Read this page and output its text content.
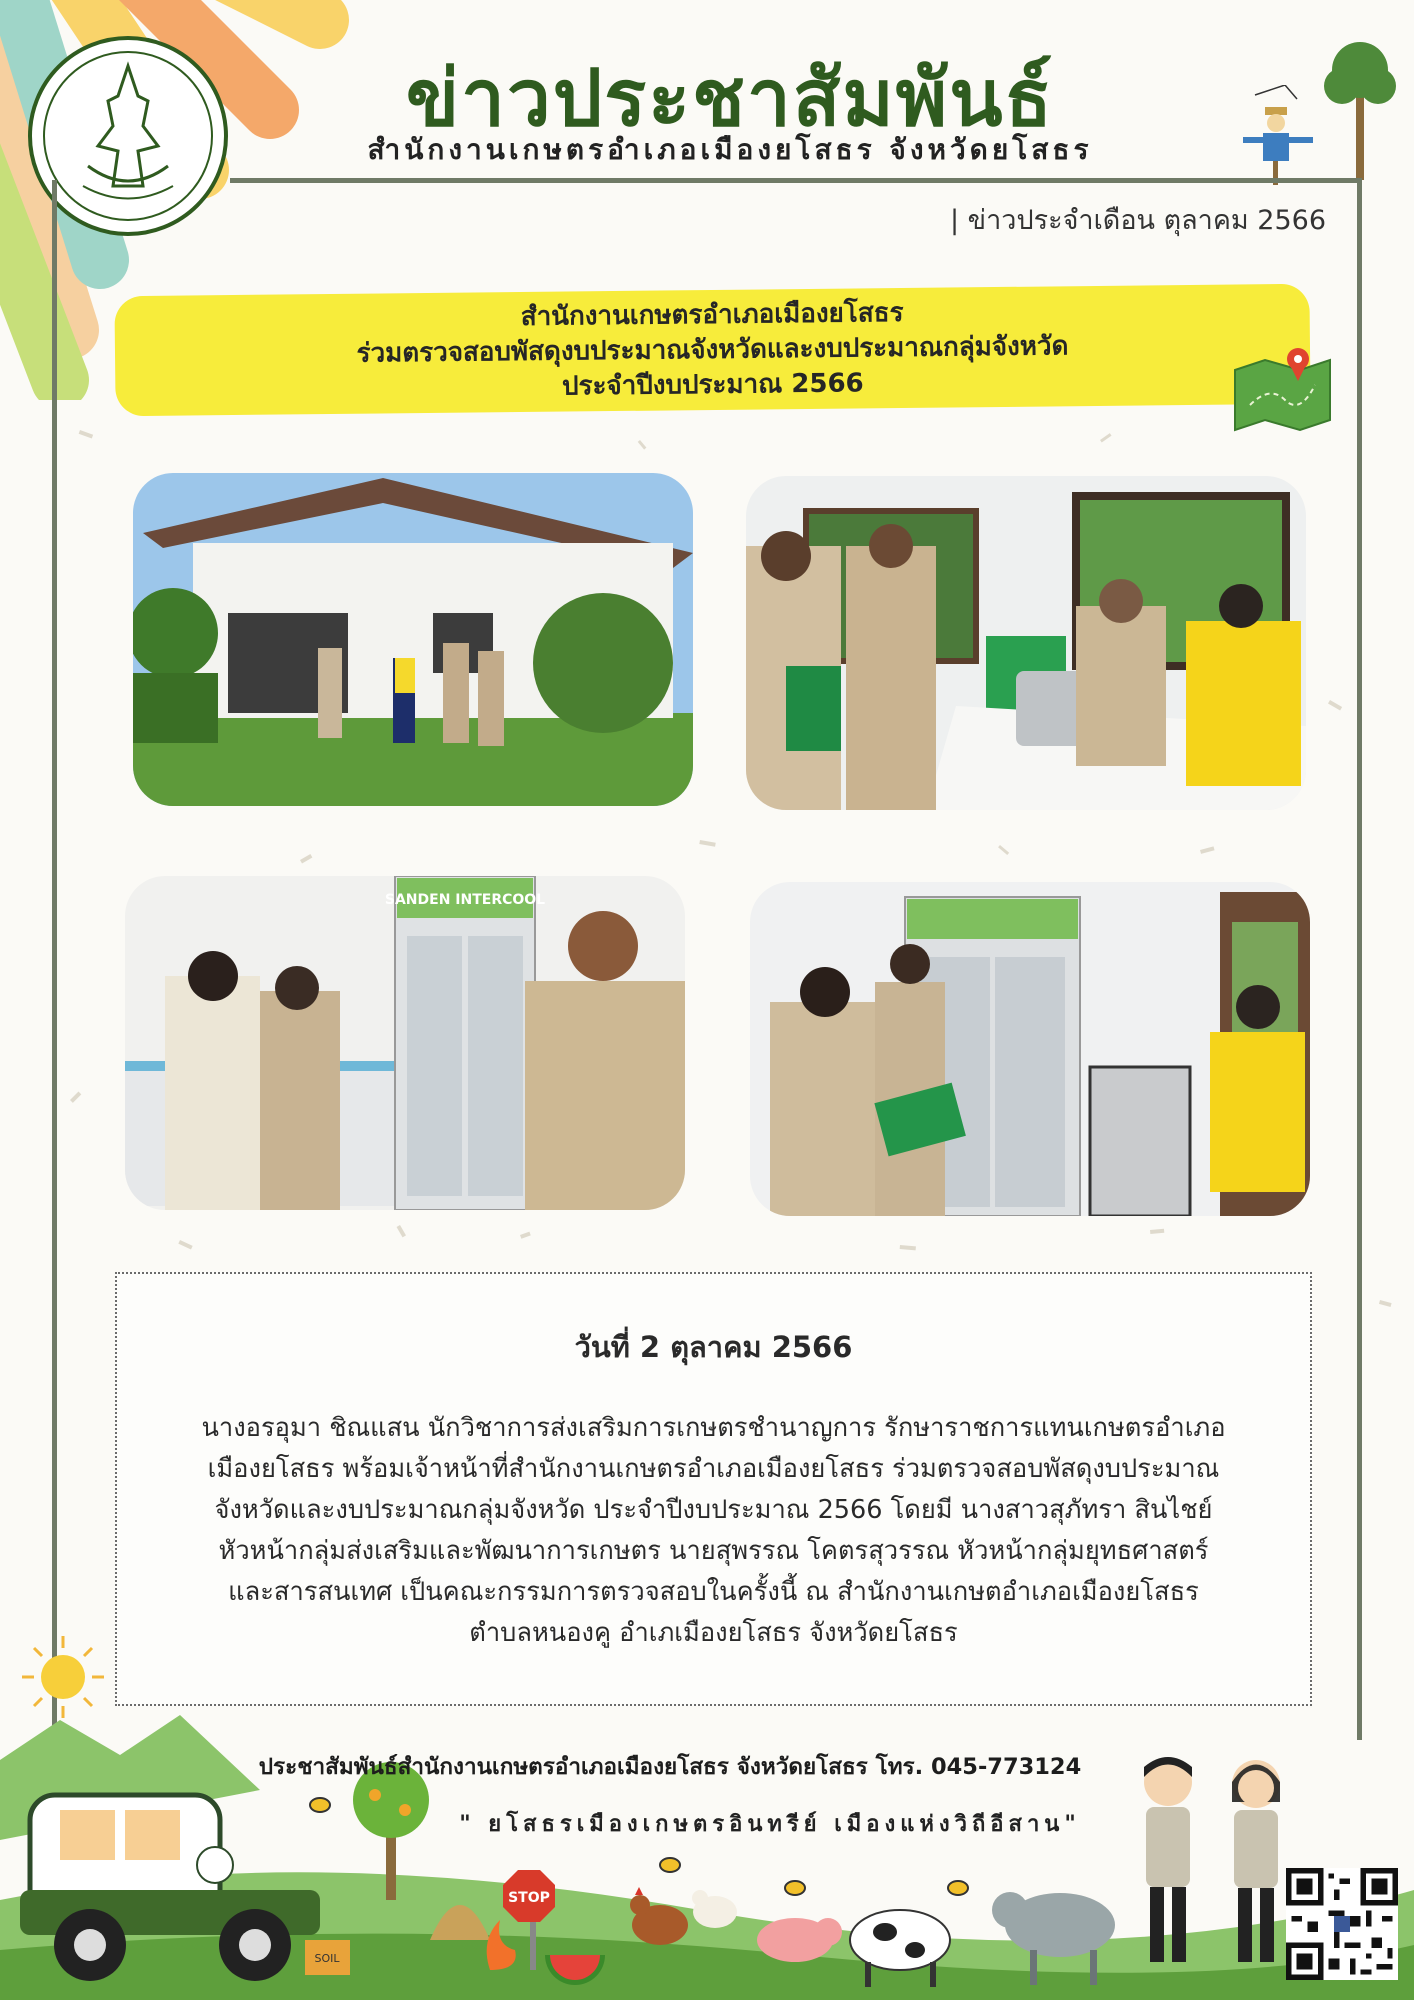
ข่าวประชาสัมพันธ์
สำนักงานเกษตรอำเภอเมืองยโสธร จังหวัดยโสธร
| ข่าวประจำเดือน ตุลาคม 2566
สำนักงานเกษตรอำเภอเมืองยโสธร
ร่วมตรวจสอบพัสดุงบประมาณจังหวัดและงบประมาณกลุ่มจังหวัด
ประจำปีงบประมาณ 2566
SANDEN INTERCOOL
วันที่ 2 ตุลาคม 2566
นางอรอุมา ชิณแสน นักวิชาการส่งเสริมการเกษตรชำนาญการ รักษาราชการแทนเกษตรอำเภอ
เมืองยโสธร พร้อมเจ้าหน้าที่สำนักงานเกษตรอำเภอเมืองยโสธร ร่วมตรวจสอบพัสดุงบประมาณ
จังหวัดและงบประมาณกลุ่มจังหวัด ประจำปีงบประมาณ 2566 โดยมี นางสาวสุภัทรา สินไชย์
หัวหน้ากลุ่มส่งเสริมและพัฒนาการเกษตร นายสุพรรณ โคตรสุวรรณ หัวหน้ากลุ่มยุทธศาสตร์
และสารสนเทศ เป็นคณะกรรมการตรวจสอบในครั้งนี้ ณ สำนักงานเกษตอำเภอเมืองยโสธร
ตำบลหนองคู อำเภเมืองยโสธร จังหวัดยโสธร
STOP
SOIL
ประชาสัมพันธ์สำนักงานเกษตรอำเภอเมืองยโสธร จังหวัดยโสธร โทร. 045-773124
" ยโสธรเมืองเกษตรอินทรีย์ เมืองแห่งวิถีอีสาน"
